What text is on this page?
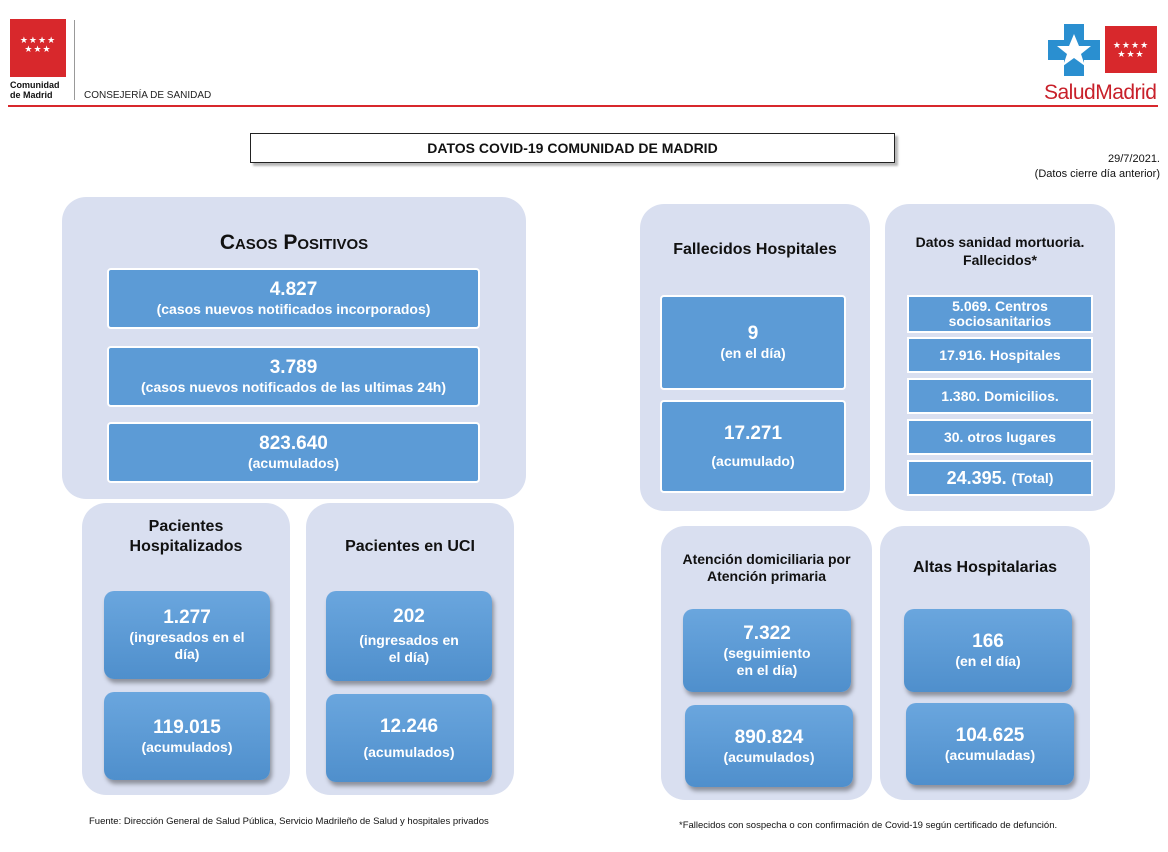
★★★★
★★★
Comunidad
de Madrid	CONSEJERÍA DE SANIDAD
★★★★
★★★
SaludMadrid
DATOS COVID-19 COMUNIDAD DE MADRID
29/7/2021.
(Datos cierre día anterior)
Casos Positivos
4.827
(casos nuevos notificados incorporados)
3.789
(casos nuevos notificados de las ultimas 24h)
823.640
(acumulados)
Pacientes Hospitalizados
1.277
(ingresados en el día)
119.015
(acumulados)
Pacientes en UCI
202
(ingresados en el día)
12.246
(acumulados)
Fallecidos Hospitales
9
(en el día)
17.271
(acumulado)
Datos sanidad mortuoria. Fallecidos*
5.069. Centros sociosanitarios
17.916. Hospitales
1.380. Domicilios.
30. otros lugares
24.395. (Total)
Atención domiciliaria por Atención primaria
7.322
(seguimiento en el día)
890.824
(acumulados)
Altas Hospitalarias
166
(en el día)
104.625
(acumuladas)
Fuente: Dirección General de Salud Pública, Servicio Madrileño de Salud y hospitales privados	*Fallecidos con sospecha o con confirmación de Covid-19 según certificado de defunción.
